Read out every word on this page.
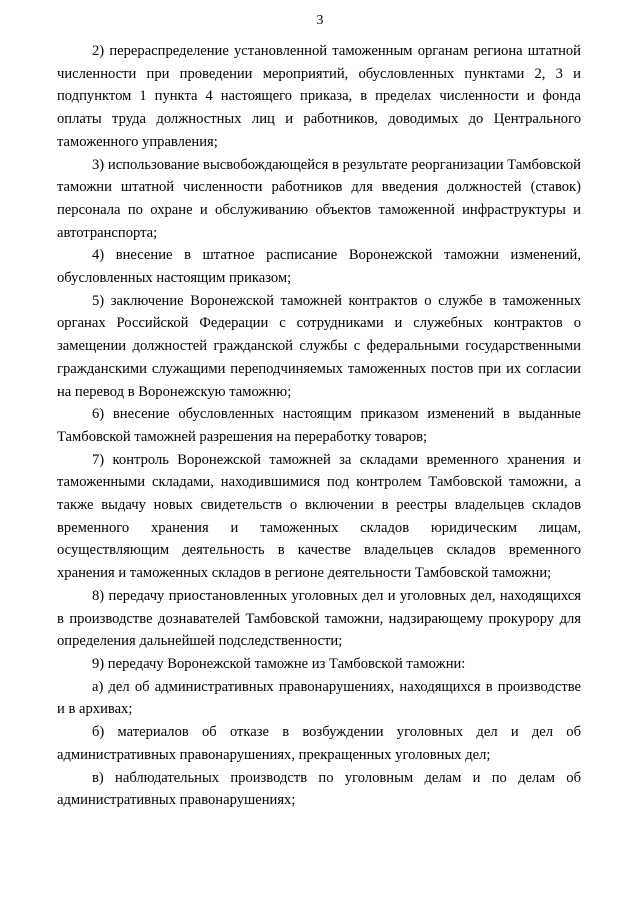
3

2) перераспределение установленной таможенным органам региона штатной численности при проведении мероприятий, обусловленных пунктами 2, 3 и подпунктом 1 пункта 4 настоящего приказа, в пределах численности и фонда оплаты труда должностных лиц и работников, доводимых до Центрального таможенного управления;

3) использование высвобождающейся в результате реорганизации Тамбовской таможни штатной численности работников для введения должностей (ставок) персонала по охране и обслуживанию объектов таможенной инфраструктуры и автотранспорта;

4) внесение в штатное расписание Воронежской таможни изменений, обусловленных настоящим приказом;

5) заключение Воронежской таможней контрактов о службе в таможенных органах Российской Федерации с сотрудниками и служебных контрактов о замещении должностей гражданской службы с федеральными государственными гражданскими служащими переподчиняемых таможенных постов при их согласии на перевод в Воронежскую таможню;

6) внесение обусловленных настоящим приказом изменений в выданные Тамбовской таможней разрешения на переработку товаров;

7) контроль Воронежской таможней за складами временного хранения и таможенными складами, находившимися под контролем Тамбовской таможни, а также выдачу новых свидетельств о включении в реестры владельцев складов временного хранения и таможенных складов юридическим лицам, осуществляющим деятельность в качестве владельцев складов временного хранения и таможенных складов в регионе деятельности Тамбовской таможни;

8) передачу приостановленных уголовных дел и уголовных дел, находящихся в производстве дознавателей Тамбовской таможни, надзирающему прокурору для определения дальнейшей подследственности;

9) передачу Воронежской таможне из Тамбовской таможни:

а) дел об административных правонарушениях, находящихся в производстве и в архивах;

б) материалов об отказе в возбуждении уголовных дел и дел об административных правонарушениях, прекращенных уголовных дел;

в) наблюдательных производств по уголовным делам и по делам об административных правонарушениях;
